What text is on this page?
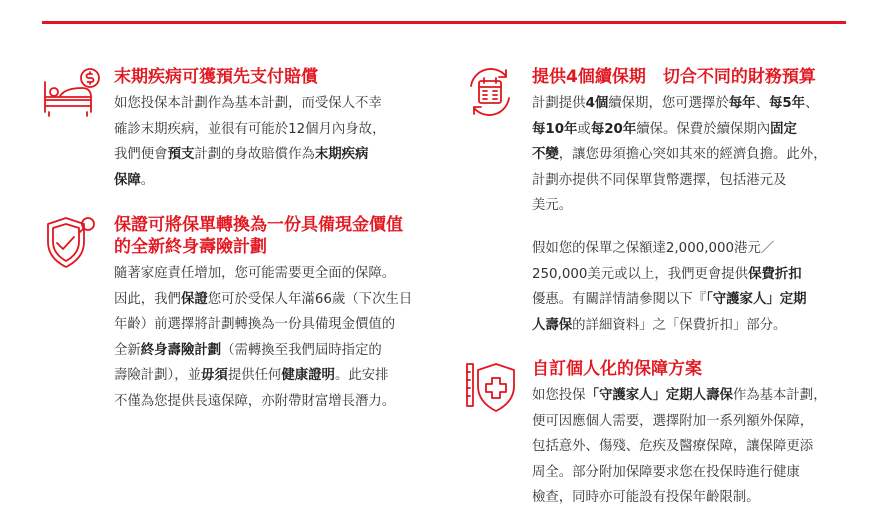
末期疾病可獲預先支付賠償

如您投保本計劃作為基本計劃，而受保人不幸

確診末期疾病，並很有可能於12個月內身故，

我們便會預支計劃的身故賠償作為末期疾病

保障。

保證可將保單轉換為一份具備現金價值
的全新終身壽險計劃

隨著家庭責任增加，您可能需要更全面的保障。

因此，我們保證您可於受保人年滿66歲（下次生日

年齡）前選擇將計劃轉換為一份具備現金價值的

全新終身壽險計劃（需轉換至我們屆時指定的

壽險計劃），並毋須提供任何健康證明。此安排

不僅為您提供長遠保障，亦附帶財富增長潛力。

提供4個續保期　切合不同的財務預算

計劃提供4個續保期，您可選擇於每年、每5年、

每10年或每20年續保。保費於續保期內固定

不變，讓您毋須擔心突如其來的經濟負擔。此外，

計劃亦提供不同保單貨幣選擇，包括港元及

美元。

假如您的保單之保額達2,000,000港元／

250,000美元或以上，我們更會提供保費折扣

優惠。有關詳情請參閱以下『「守護家人」定期

人壽保的詳細資料」之「保費折扣」部分。

自訂個人化的保障方案

如您投保「守護家人」定期人壽保作為基本計劃，

便可因應個人需要，選擇附加一系列額外保障，

包括意外、傷殘、危疾及醫療保障，讓保障更添

周全。部分附加保障要求您在投保時進行健康

檢查，同時亦可能設有投保年齡限制。
